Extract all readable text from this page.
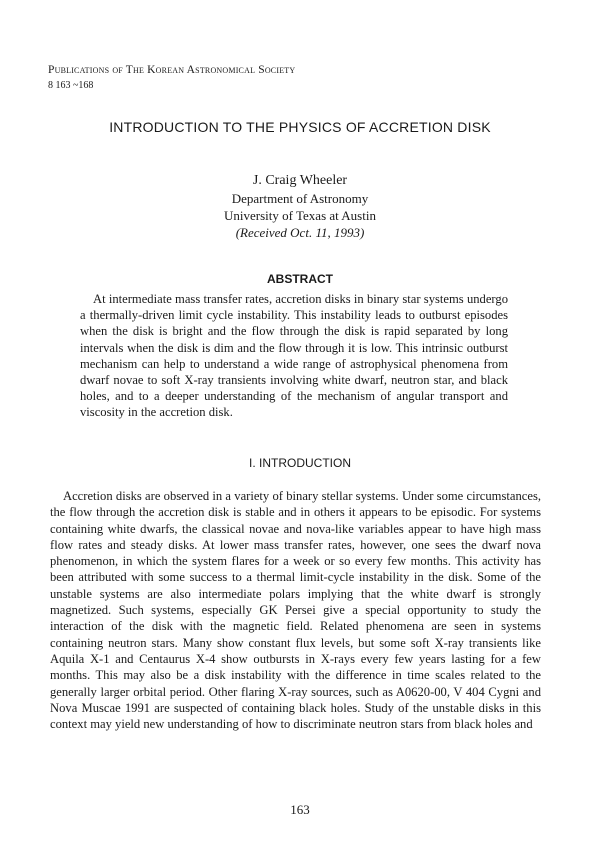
Publications of The Korean Astronomical Society
8 163 ~168
INTRODUCTION TO THE PHYSICS OF ACCRETION DISK
J. Craig Wheeler
Department of Astronomy
University of Texas at Austin
(Received Oct. 11, 1993)
ABSTRACT
At intermediate mass transfer rates, accretion disks in binary star systems undergo a thermally-driven limit cycle instability. This instability leads to outburst episodes when the disk is bright and the flow through the disk is rapid separated by long intervals when the disk is dim and the flow through it is low. This intrinsic outburst mechanism can help to understand a wide range of astrophysical phenomena from dwarf novae to soft X-ray transients involving white dwarf, neutron star, and black holes, and to a deeper understanding of the mechanism of angular transport and viscosity in the accretion disk.
I. INTRODUCTION
Accretion disks are observed in a variety of binary stellar systems. Under some circumstances, the flow through the accretion disk is stable and in others it appears to be episodic. For systems containing white dwarfs, the classical novae and nova-like variables appear to have high mass flow rates and steady disks. At lower mass transfer rates, however, one sees the dwarf nova phenomenon, in which the system flares for a week or so every few months. This activity has been attributed with some success to a thermal limit-cycle instability in the disk. Some of the unstable systems are also intermediate polars implying that the white dwarf is strongly magnetized. Such systems, especially GK Persei give a special opportunity to study the interaction of the disk with the magnetic field. Related phenomena are seen in systems containing neutron stars. Many show constant flux levels, but some soft X-ray transients like Aquila X-1 and Centaurus X-4 show outbursts in X-rays every few years lasting for a few months. This may also be a disk instability with the difference in time scales related to the generally larger orbital period. Other flaring X-ray sources, such as A0620-00, V 404 Cygni and Nova Muscae 1991 are suspected of containing black holes. Study of the unstable disks in this context may yield new understanding of how to discriminate neutron stars from black holes and
163
